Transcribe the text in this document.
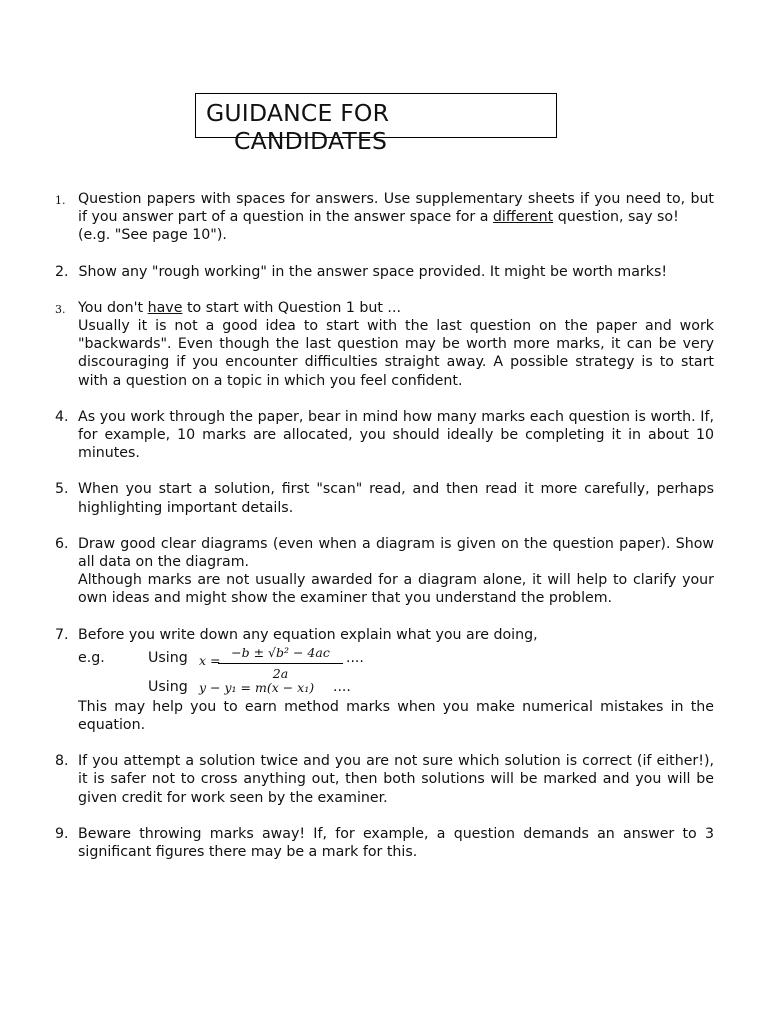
GUIDANCE FOR
CANDIDATES
1. Question papers with spaces for answers. Use supplementary sheets if you need to, but if you answer part of a question in the answer space for a different question, say so!

(e.g. "See page 10").

2. Show any "rough working" in the answer space provided. It might be worth marks!

3. You don't have to start with Question 1 but ...

Usually it is not a good idea to start with the last question on the paper and work "backwards". Even though the last question may be worth more marks, it can be very discouraging if you encounter difficulties straight away. A possible strategy is to start with a question on a topic in which you feel confident.

4. As you work through the paper, bear in mind how many marks each question is worth. If, for example, 10 marks are allocated, you should ideally be completing it in about 10 minutes.

5. When you start a solution, first "scan" read, and then read it more carefully, perhaps highlighting important details.

6. Draw good clear diagrams (even when a diagram is given on the question paper). Show all data on the diagram.

Although marks are not usually awarded for a diagram alone, it will help to clarify your own ideas and might show the examiner that you understand the problem.

7. Before you write down any equation explain what you are doing,

e.g.	Using x =
$\frac{\text{−b ± √b² − 4ac}}{2a}$ ....
Using y − y₁ = m(x − x₁) ....

This may help you to earn method marks when you make numerical mistakes in the equation.

8. If you attempt a solution twice and you are not sure which solution is correct (if either!), it is safer not to cross anything out, then both solutions will be marked and you will be given credit for work seen by the examiner.

9. Beware throwing marks away! If, for example, a question demands an answer to 3 significant figures there may be a mark for this.
